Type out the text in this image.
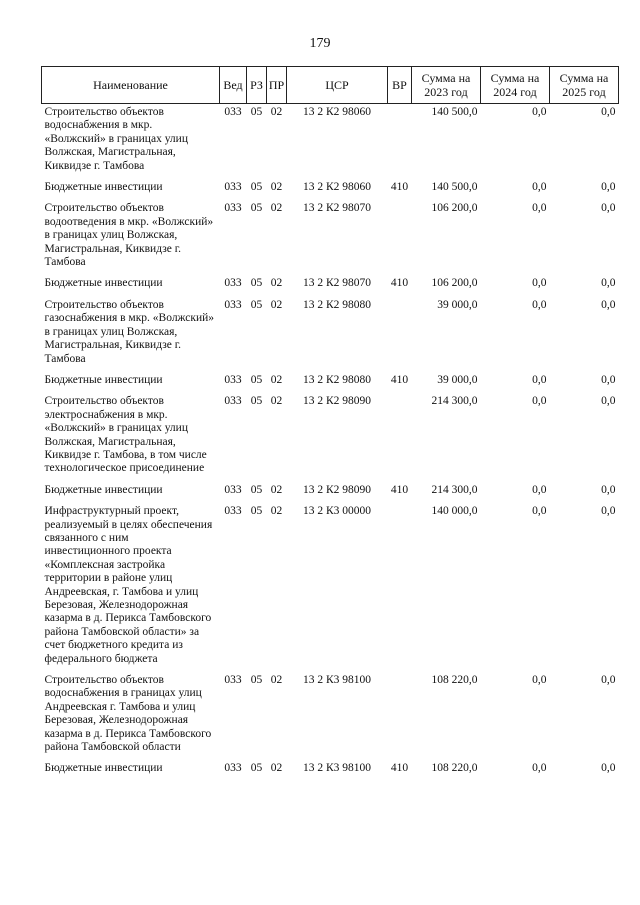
179
Наименование	Вед	РЗ	ПР	ЦСР	ВР	Сумма на 2023 год	Сумма на 2024 год	Сумма на 2025 год
Строительство объектов водоснабжения в мкр. «Волжский» в границах улиц Волжская, Магистральная, Киквидзе г. Тамбова	033	05	02	13 2 К2 98060		140 500,0	0,0	0,0
Бюджетные инвестиции	033	05	02	13 2 К2 98060	410	140 500,0	0,0	0,0
Строительство объектов водоотведения в мкр. «Волжский» в границах улиц Волжская, Магистральная, Киквидзе г. Тамбова	033	05	02	13 2 К2 98070		106 200,0	0,0	0,0
Бюджетные инвестиции	033	05	02	13 2 К2 98070	410	106 200,0	0,0	0,0
Строительство объектов газоснабжения в мкр. «Волжский» в границах улиц Волжская, Магистральная, Киквидзе г. Тамбова	033	05	02	13 2 К2 98080		39 000,0	0,0	0,0
Бюджетные инвестиции	033	05	02	13 2 К2 98080	410	39 000,0	0,0	0,0
Строительство объектов электроснабжения в мкр. «Волжский» в границах улиц Волжская, Магистральная, Киквидзе г. Тамбова, в том числе технологическое присоединение	033	05	02	13 2 К2 98090		214 300,0	0,0	0,0
Бюджетные инвестиции	033	05	02	13 2 К2 98090	410	214 300,0	0,0	0,0
Инфраструктурный проект, реализуемый в целях обеспечения связанного с ним инвестиционного проекта «Комплексная застройка территории в районе улиц Андреевская, г. Тамбова и улиц Березовая, Железнодорожная казарма в д. Перикса Тамбовского района Тамбовской области» за счет бюджетного кредита из федерального бюджета	033	05	02	13 2 К3 00000		140 000,0	0,0	0,0
Строительство объектов водоснабжения в границах улиц Андреевская г. Тамбова и улиц Березовая, Железнодорожная казарма в д. Перикса Тамбовского района Тамбовской области	033	05	02	13 2 К3 98100		108 220,0	0,0	0,0
Бюджетные инвестиции	033	05	02	13 2 К3 98100	410	108 220,0	0,0	0,0
